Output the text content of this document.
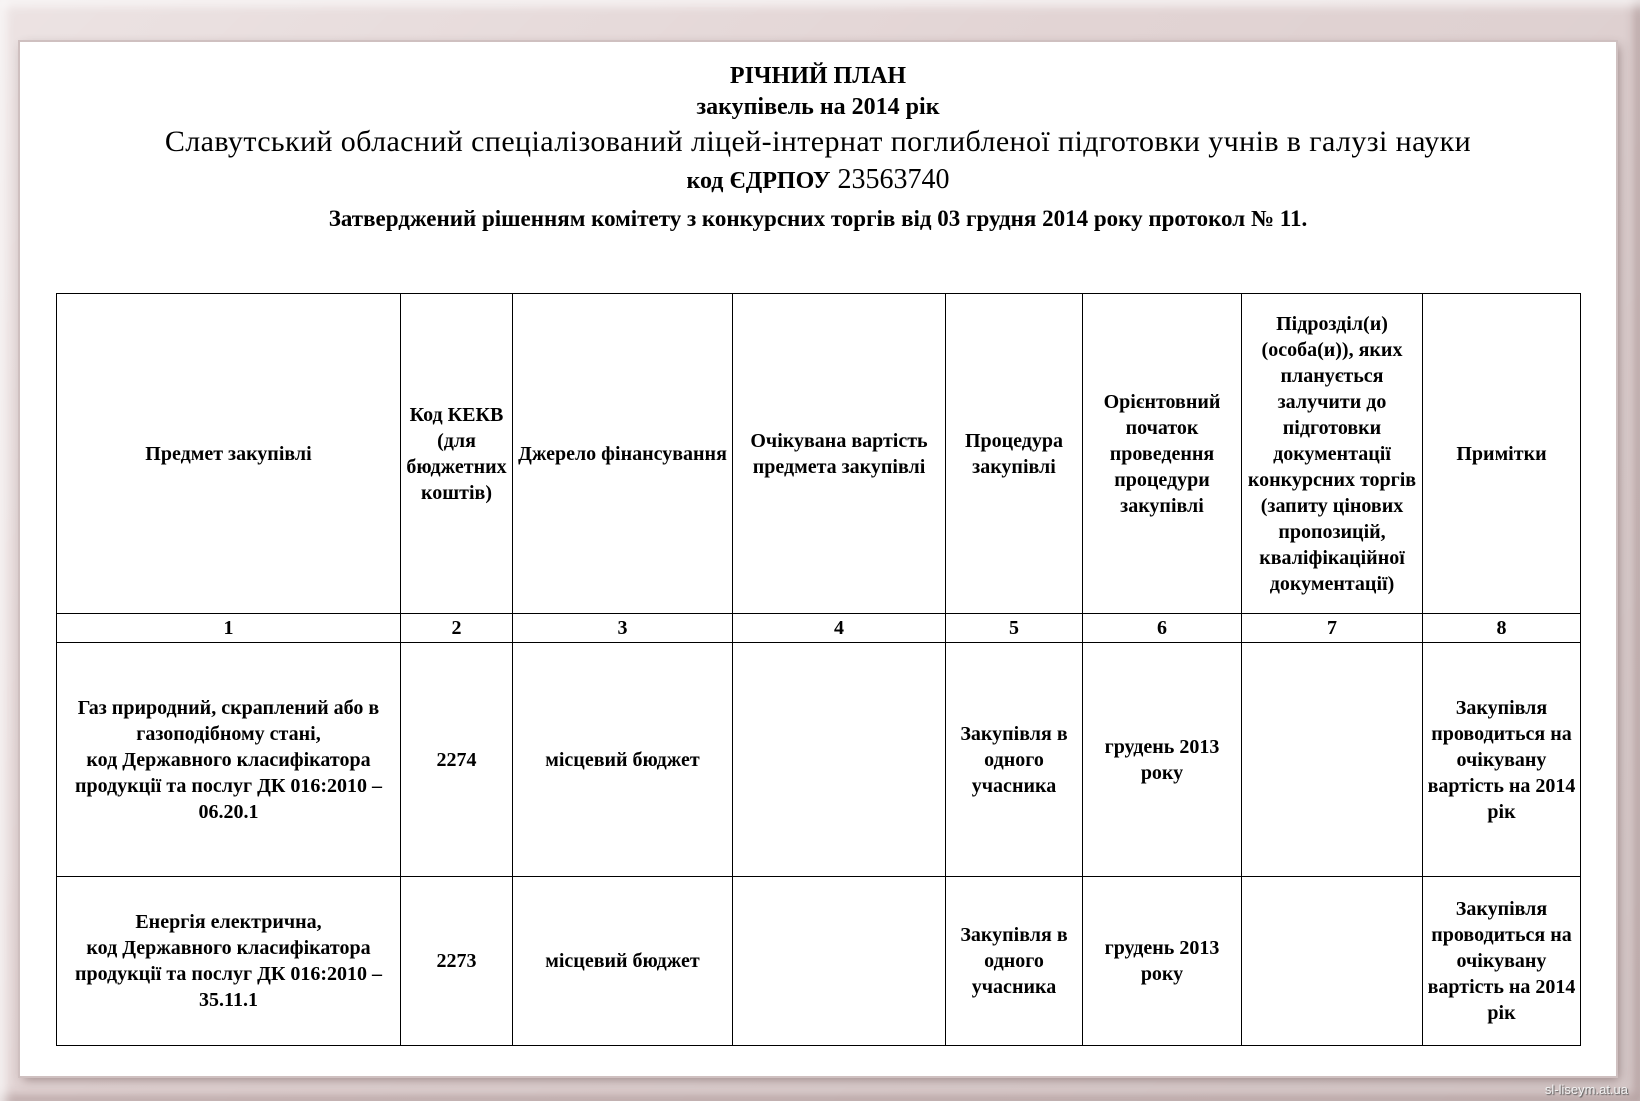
РІЧНИЙ ПЛАН
закупівель на 2014 рік
Славутський обласний спеціалізований ліцей-інтернат поглибленої підготовки учнів в галузі науки
код ЄДРПОУ 23563740
Затверджений рішенням комітету з конкурсних торгів від 03 грудня 2014 року протокол № 11.
Предмет закупівлі	Код КЕКВ (для бюджетних коштів)	Джерело фінансування	Очікувана вартість предмета закупівлі	Процедура закупівлі	Орієнтовний початок проведення процедури закупівлі	Підрозділ(и) (особа(и)), яких планується залучити до підготовки документації конкурсних торгів (запиту цінових пропозицій, кваліфікаційної документації)	Примітки
1	2	3	4	5	6	7	8
Газ природний, скраплений або в газоподібному стані,
код Державного класифікатора продукції та послуг ДК 016:2010 – 06.20.1	2274	місцевий бюджет		Закупівля в одного учасника	грудень 2013 року		Закупівля проводиться на очікувану вартість на 2014 рік
Енергія електрична,
код Державного класифікатора продукції та послуг ДК 016:2010 – 35.11.1	2273	місцевий бюджет		Закупівля в одного учасника	грудень 2013 року		Закупівля проводиться на очікувану вартість на 2014 рік
sl-liseym.at.ua
